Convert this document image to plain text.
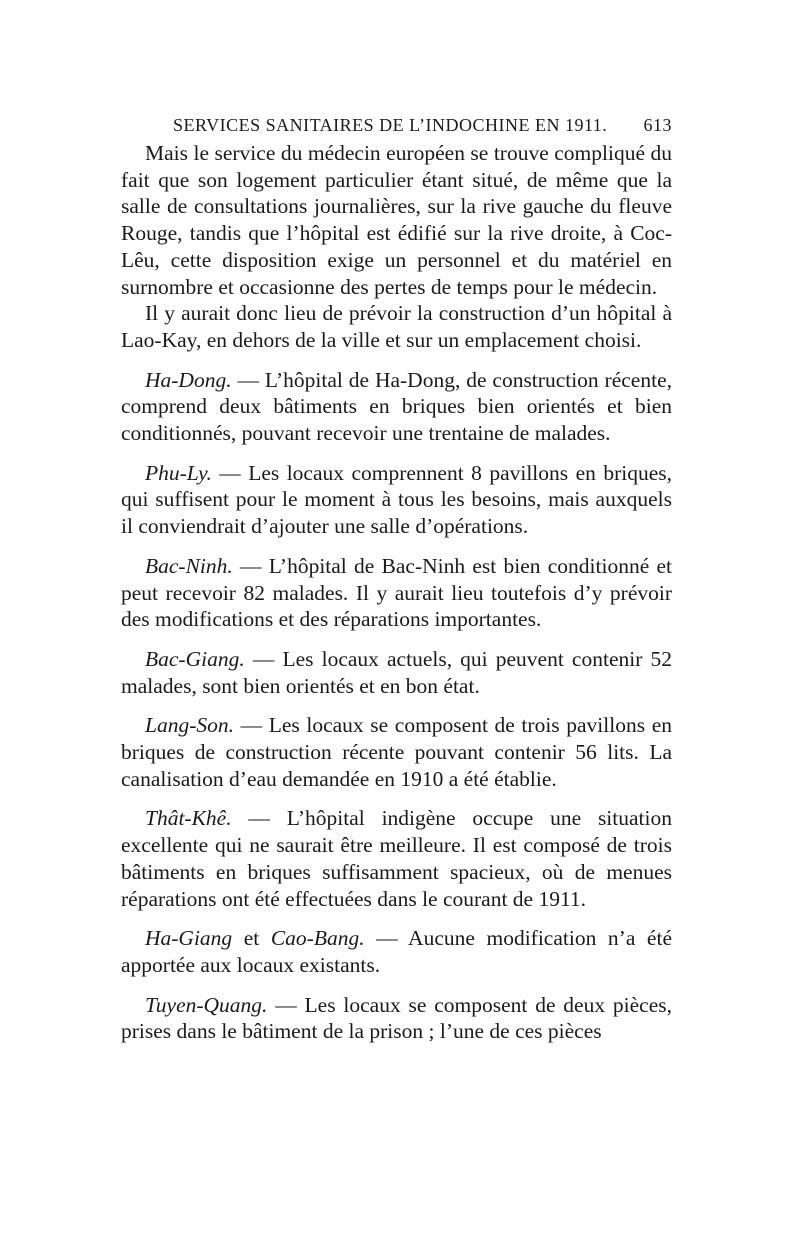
SERVICES SANITAIRES DE L’INDOCHINE EN 1911. 613

Mais le service du médecin européen se trouve compliqué du fait que son logement particulier étant situé, de même que la salle de consultations journalières, sur la rive gauche du fleuve Rouge, tandis que l’hôpital est édifié sur la rive droite, à Coc-Lêu, cette disposition exige un personnel et du matériel en surnombre et occasionne des pertes de temps pour le médecin.

Il y aurait donc lieu de prévoir la construction d’un hôpital à Lao-Kay, en dehors de la ville et sur un emplacement choisi.

Ha-Dong. — L’hôpital de Ha-Dong, de construction récente, comprend deux bâtiments en briques bien orientés et bien conditionnés, pouvant recevoir une trentaine de malades.

Phu-Ly. — Les locaux comprennent 8 pavillons en briques, qui suffisent pour le moment à tous les besoins, mais auxquels il conviendrait d’ajouter une salle d’opérations.

Bac-Ninh. — L’hôpital de Bac-Ninh est bien conditionné et peut recevoir 82 malades. Il y aurait lieu toutefois d’y prévoir des modifications et des réparations importantes.

Bac-Giang. — Les locaux actuels, qui peuvent contenir 52 malades, sont bien orientés et en bon état.

Lang-Son. — Les locaux se composent de trois pavillons en briques de construction récente pouvant contenir 56 lits. La canalisation d’eau demandée en 1910 a été établie.

Thât-Khê. — L’hôpital indigène occupe une situation excellente qui ne saurait être meilleure. Il est composé de trois bâtiments en briques suffisamment spacieux, où de menues réparations ont été effectuées dans le courant de 1911.

Ha-Giang et Cao-Bang. — Aucune modification n’a été apportée aux locaux existants.

Tuyen-Quang. — Les locaux se composent de deux pièces, prises dans le bâtiment de la prison ; l’une de ces pièces
